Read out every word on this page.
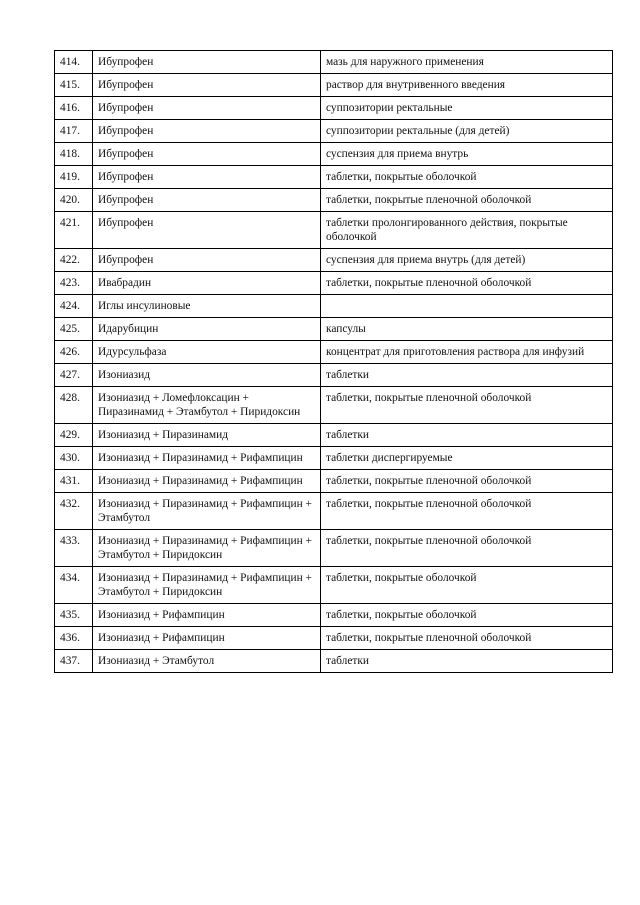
414.	Ибупрофен	мазь для наружного применения
415.	Ибупрофен	раствор для внутривенного введения
416.	Ибупрофен	суппозитории ректальные
417.	Ибупрофен	суппозитории ректальные (для детей)
418.	Ибупрофен	суспензия для приема внутрь
419.	Ибупрофен	таблетки, покрытые оболочкой
420.	Ибупрофен	таблетки, покрытые пленочной оболочкой
421.	Ибупрофен	таблетки пролонгированного действия, покрытые оболочкой
422.	Ибупрофен	суспензия для приема внутрь (для детей)
423.	Ивабрадин	таблетки, покрытые пленочной оболочкой
424.	Иглы инсулиновые	
425.	Идарубицин	капсулы
426.	Идурсульфаза	концентрат для приготовления раствора для инфузий
427.	Изониазид	таблетки
428.	Изониазид + Ломефлоксацин + Пиразинамид + Этамбутол + Пиридоксин	таблетки, покрытые пленочной оболочкой
429.	Изониазид + Пиразинамид	таблетки
430.	Изониазид + Пиразинамид + Рифампицин	таблетки диспергируемые
431.	Изониазид + Пиразинамид + Рифампицин	таблетки, покрытые пленочной оболочкой
432.	Изониазид + Пиразинамид + Рифампицин + Этамбутол	таблетки, покрытые пленочной оболочкой
433.	Изониазид + Пиразинамид + Рифампицин + Этамбутол + Пиридоксин	таблетки, покрытые пленочной оболочкой
434.	Изониазид + Пиразинамид + Рифампицин + Этамбутол + Пиридоксин	таблетки, покрытые оболочкой
435.	Изониазид + Рифампицин	таблетки, покрытые оболочкой
436.	Изониазид + Рифампицин	таблетки, покрытые пленочной оболочкой
437.	Изониазид + Этамбутол	таблетки
